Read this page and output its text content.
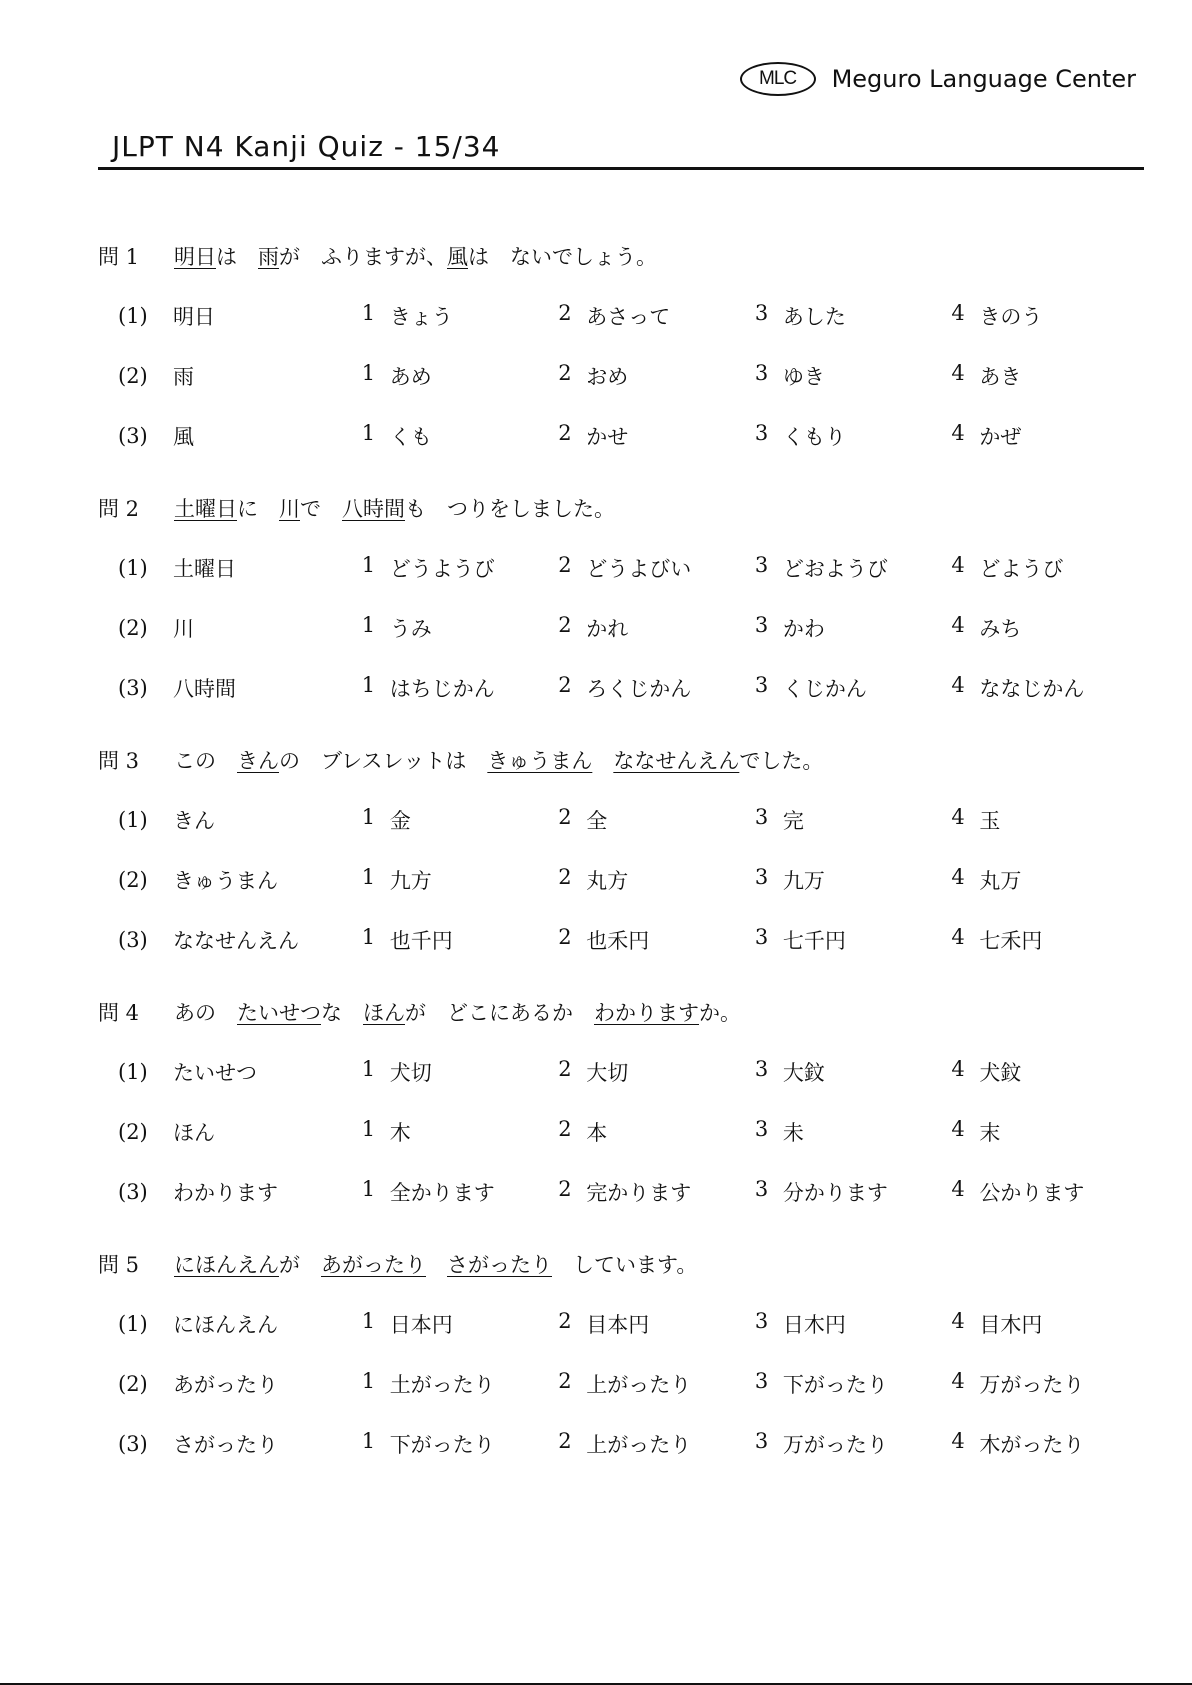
MLC Meguro Language Center
JLPT N4 Kanji Quiz - 15/34
問 1	明日 は　 雨 が　ふりますが、 風 は　ないでしょう。
(1)	明日	1 きょう	2 あさって	3 あした	4 きのう
(2)	雨	1 あめ	2 おめ	3 ゆき	4 あき
(3)	風	1 くも	2 かせ	3 くもり	4 かぜ
問 2	土曜日 に　 川 で　 八時間 も　つりをしました。
(1)	土曜日	1 どうようび	2 どうよびい	3 どおようび	4 どようび
(2)	川	1 うみ	2 かれ	3 かわ	4 みち
(3)	八時間	1 はちじかん	2 ろくじかん	3 くじかん	4 ななじかん
問 3	この　 きん の　ブレスレットは　 きゅうまん
　 ななせんえん でした。
(1)	きん	1 金	2 全	3 完	4 玉
(2)	きゅうまん	1 九方	2 丸方	3 九万	4 丸万
(3)	ななせんえん	1 也千円	2 也禾円	3 七千円	4 七禾円
問 4	あの　 たいせつ な　 ほん が　どこにあるか　 わかります か。
(1)	たいせつ	1 犬切	2 大切	3 大鈫	4 犬鈫
(2)	ほん	1 木	2 本	3 未	4 末
(3)	わかります	1 全かります	2 完かります	3 分かります	4 公かります
問 5	にほんえん が　 あがったり
　 さがったり 　しています。
(1)	にほんえん	1 日本円	2 目本円	3 日木円	4 目木円
(2)	あがったり	1 土がったり	2 上がったり	3 下がったり	4 万がったり
(3)	さがったり	1 下がったり	2 上がったり	3 万がったり	4 木がったり
